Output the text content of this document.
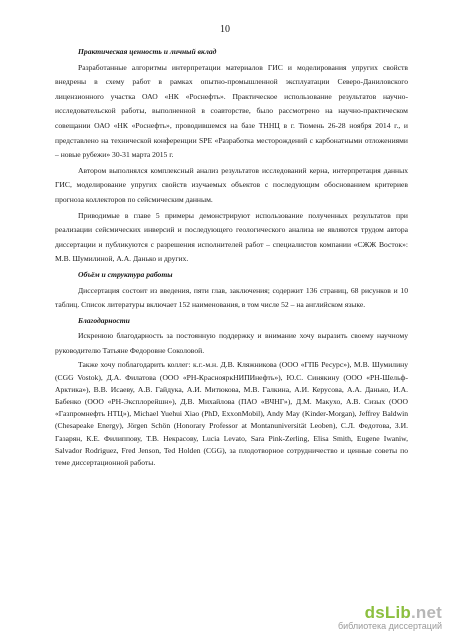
10

Практическая ценность и личный вклад

Разработанные алгоритмы интерпретации материалов ГИС и моделирования упругих свойств внедрены в схему работ в рамках опытно-промышленной эксплуатации Северо-Даниловского лицензионного участка ОАО «НК «Роснефть». Практическое использование результатов научно-исследовательской работы, выполненной в соавторстве, было рассмотрено на научно-практическом совещании ОАО «НК «Роснефть», проводившемся на базе ТННЦ в г. Тюмень 26-28 ноября 2014 г., и представлено на технической конференции SPE «Разработка месторождений с карбонатными отложениями – новые рубежи» 30-31 марта 2015 г.

Автором выполнялся комплексный анализ результатов исследований керна, интерпретация данных ГИС, моделирование упругих свойств изучаемых объектов с последующим обоснованием критериев прогноза коллекторов по сейсмическим данным.

Приводимые в главе 5 примеры демонстрируют использование полученных результатов при реализации сейсмических инверсий и последующего геологического анализа не являются трудом автора диссертации и публикуются с разрешения исполнителей работ – специалистов компании «СЖЖ Восток»: М.В. Шумилиной, А.А. Данько и других.

Объём и структура работы

Диссертация состоит из введения, пяти глав, заключения; содержит 136 страниц, 68 рисунков и 10 таблиц. Список литературы включает 152 наименования, в том числе 52 – на английском языке.

Благодарности

Искренюю благодарность за постоянную поддержку и внимание хочу выразить своему научному руководителю Татьяне Федоровне Соколовой.

Также хочу поблагодарить коллег: к.г.-м.н. Д.В. Кляжникова (ООО «ГПБ Ресурс»), М.В. Шумилину (CGG Vostok), Д.А. Филатова (ООО «РН-КраснояркНИПИнефть»), Ю.С. Синякину (ООО «РН-Шельф-Арктика»), В.В. Исаеву, А.В. Гайдука, А.И. Митюкова, М.В. Галкина, А.И. Керусова, А.А. Данько, И.А. Бабенко (ООО «РН-Эксплорейшн»), Д.В. Михайлова (ПАО «ВЧНГ»), Д.М. Макухо, А.В. Сизых (ООО «Газпромнефть НТЦ»), Michael Yuehui Xiao (PhD, ExxonMobil), Andy May (Kinder-Morgan), Jeffrey Baldwin (Chesapeake Energy), Jörgen Schön (Honorary Professor at Montanuniversität Leoben), С.Л. Федотова, З.И. Газарян, К.Е. Филиппову, Т.В. Некрасову, Lucia Levato, Sara Pink-Zerling, Elisa Smith, Eugene Iwaniw, Salvador Rodriguez, Fred Jenson, Ted Holden (CGG), за плодотворное сотрудничество и ценные советы по теме диссертационной работы.

dsLib.net
библиотека диссертаций
